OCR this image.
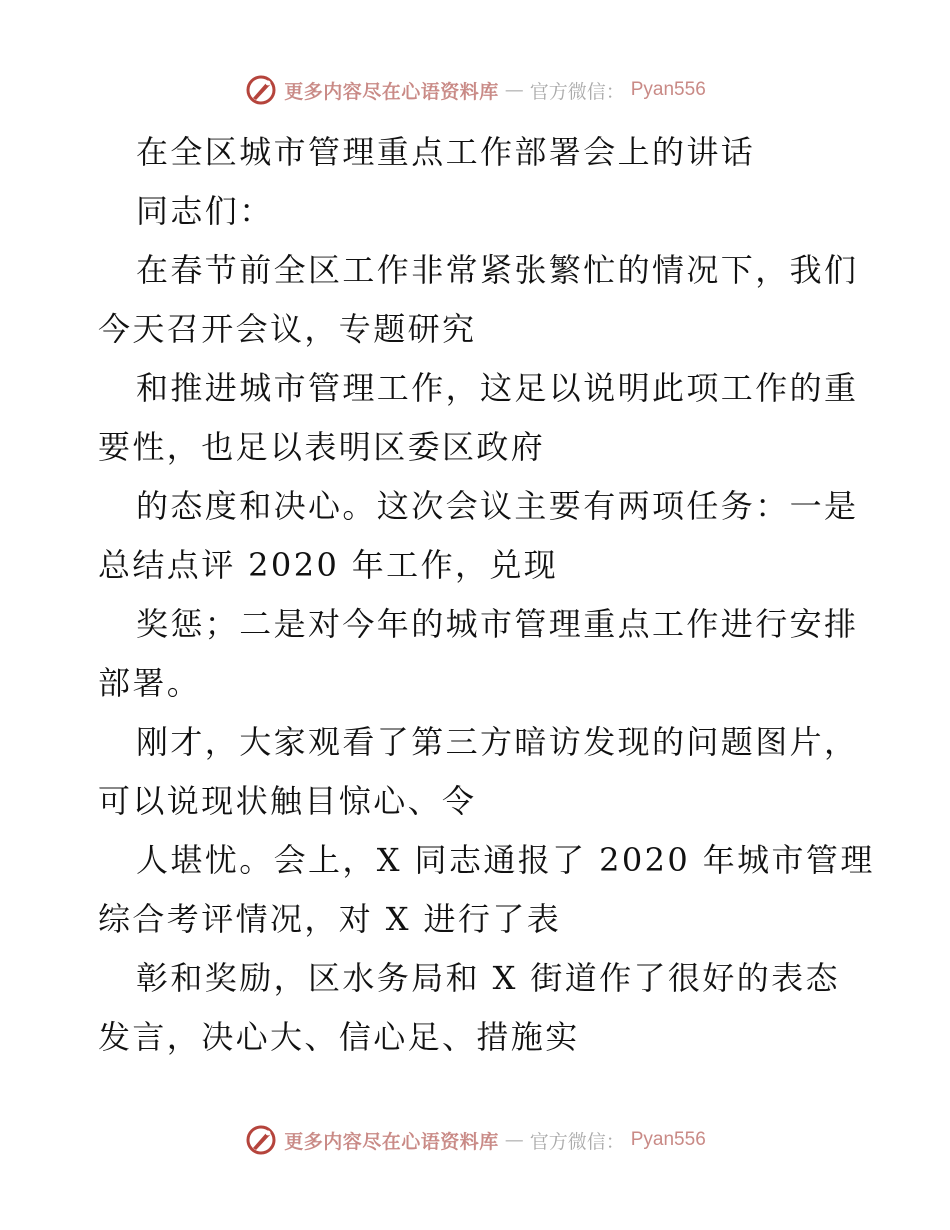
更多内容尽在心语资料库 — 官方微信： Pyan556
在全区城市管理重点工作部署会上的讲话
同志们：
在春节前全区工作非常紧张繁忙的情况下，我们
今天召开会议，专题研究
和推进城市管理工作，这足以说明此项工作的重
要性，也足以表明区委区政府
的态度和决心。这次会议主要有两项任务：一是
总结点评 2020 年工作，兑现
奖惩；二是对今年的城市管理重点工作进行安排
部署。
刚才，大家观看了第三方暗访发现的问题图片，
可以说现状触目惊心、令
人堪忧。会上，X 同志通报了 2020 年城市管理
综合考评情况，对 X 进行了表
彰和奖励，区水务局和 X 街道作了很好的表态
发言，决心大、信心足、措施实
更多内容尽在心语资料库 — 官方微信： Pyan556
